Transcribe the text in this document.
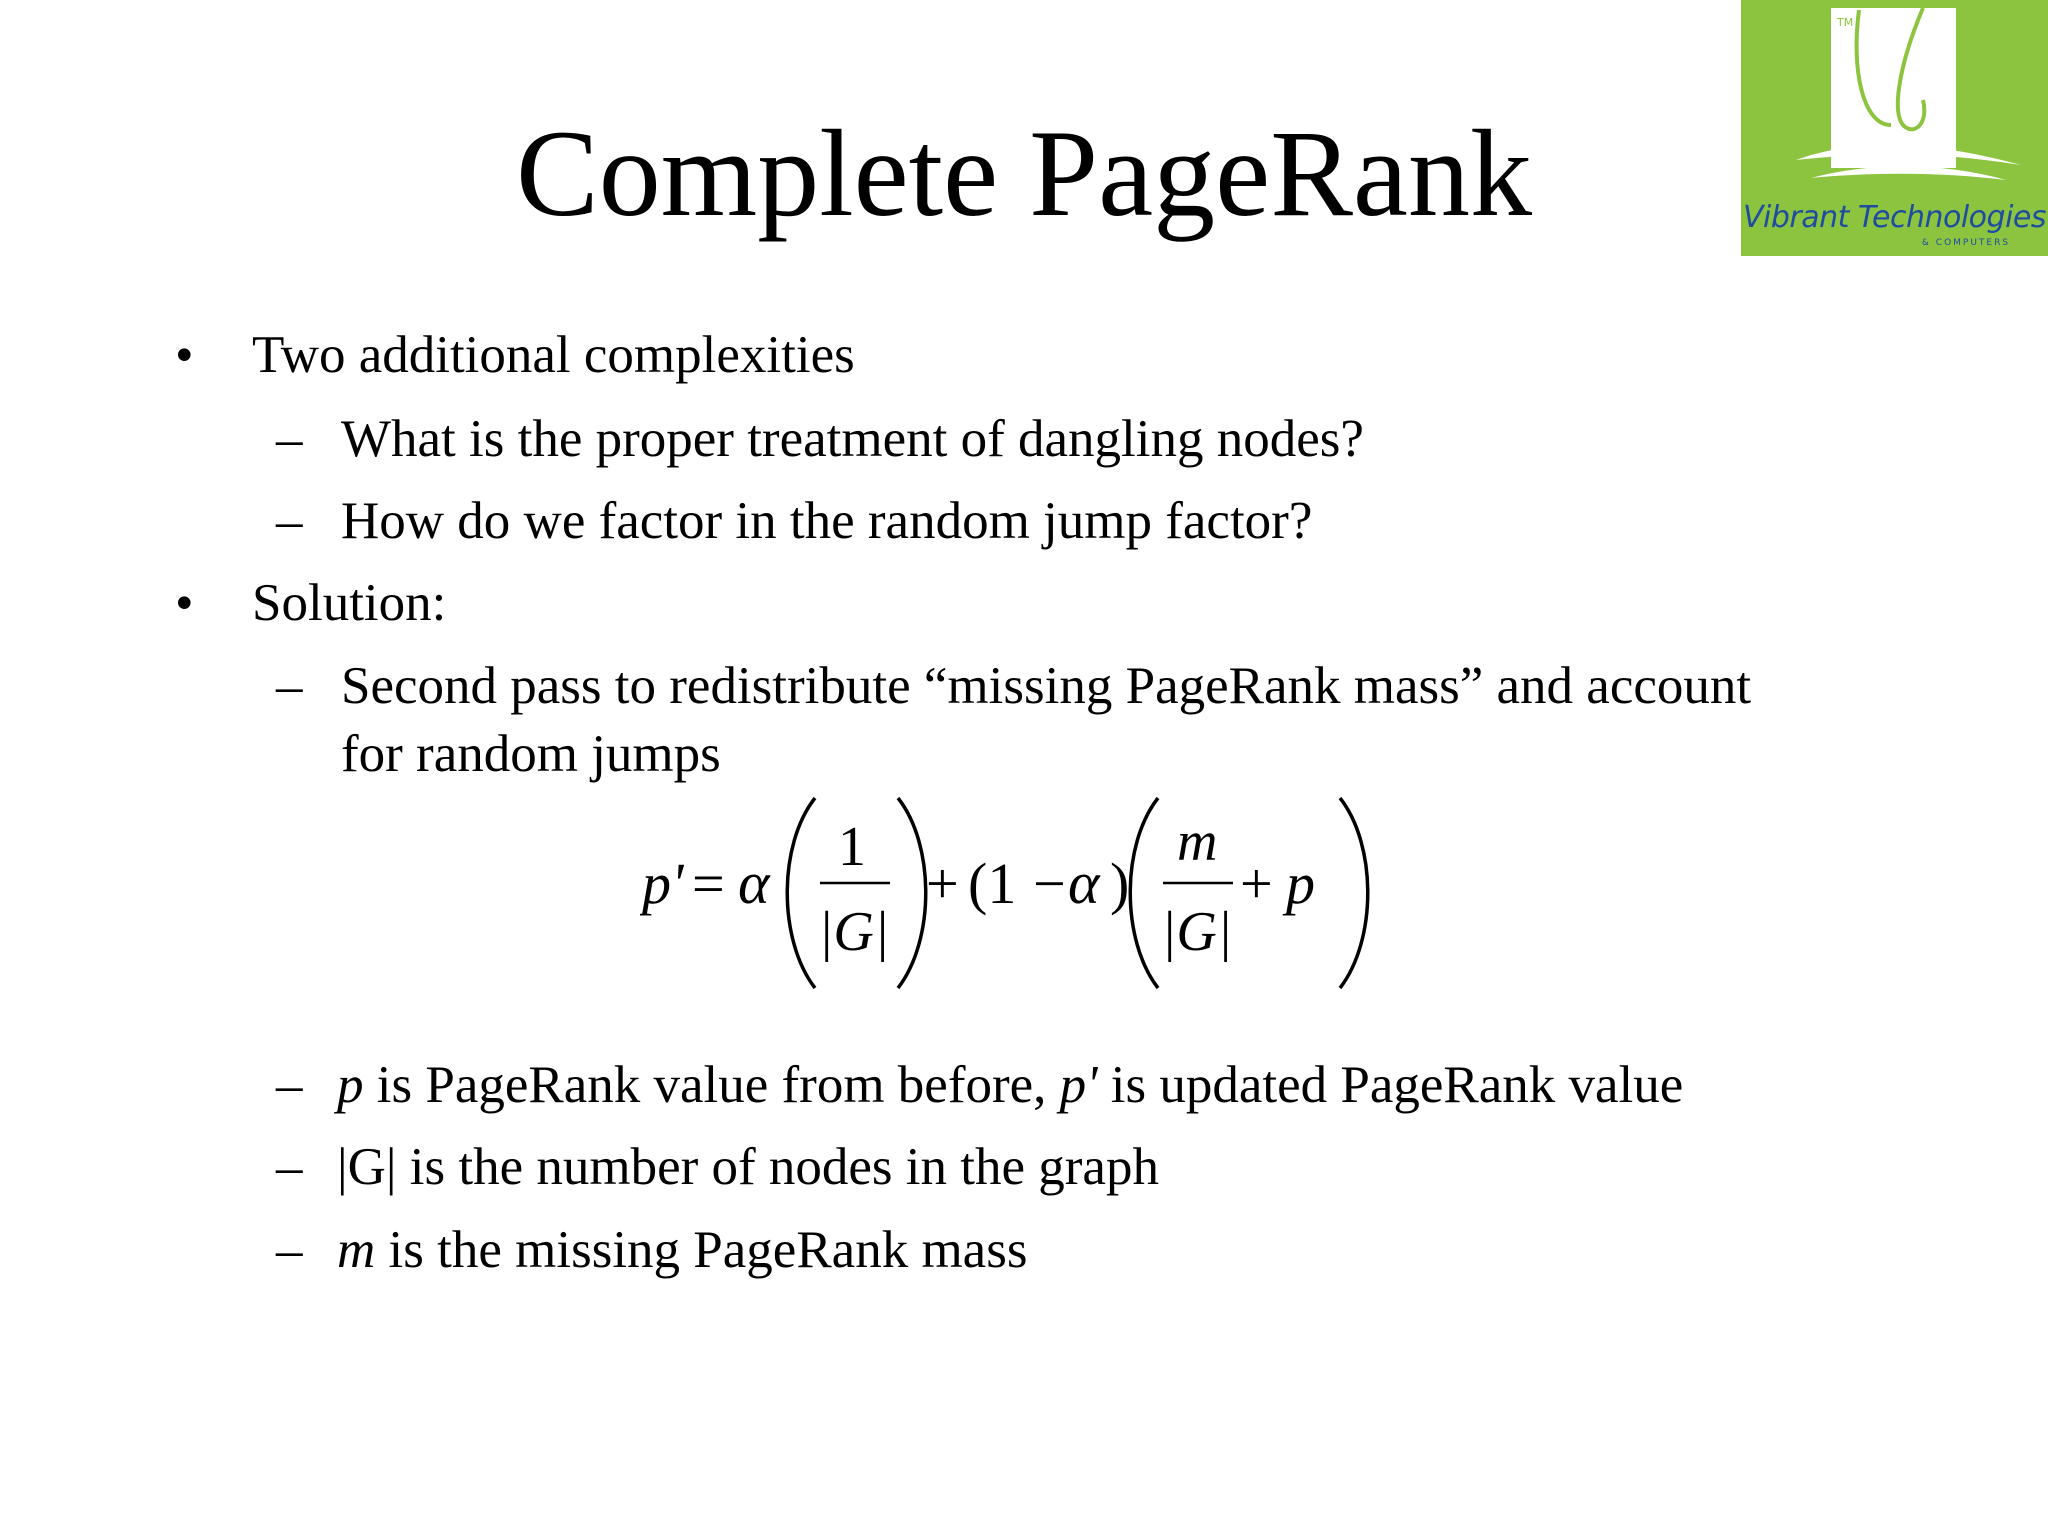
Complete PageRank
TM
Vibrant Technologies
& COMPUTERS
• Two additional complexities
– What is the proper treatment of dangling nodes?
– How do we factor in the random jump factor?
• Solution:
– Second pass to redistribute “missing PageRank mass” and account
for random jumps
p' = α
1
|G|
+ (1 − α )
m
|G|
+ p
– p is PageRank value from before, p' is updated PageRank value
– |G| is the number of nodes in the graph
– m is the missing PageRank mass
